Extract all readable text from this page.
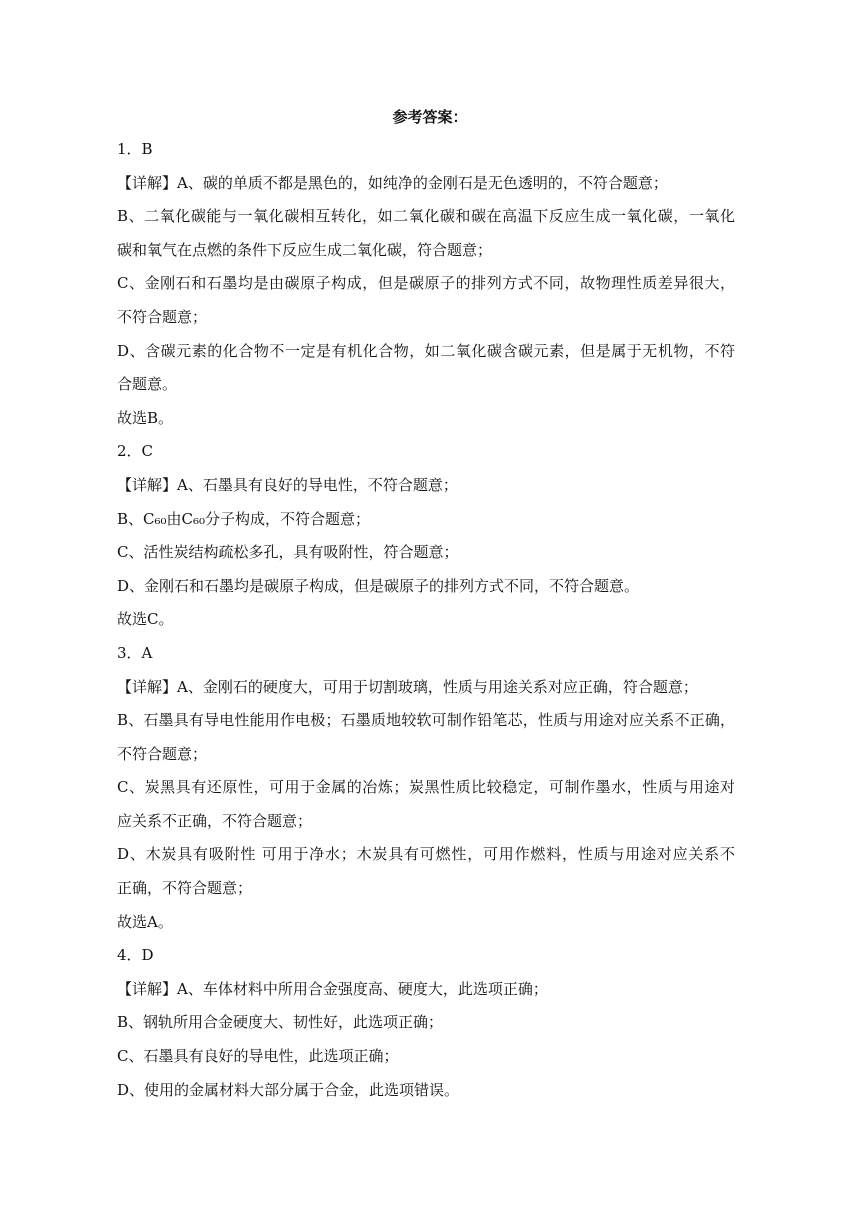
参考答案：
1．B
【详解】A、碳的单质不都是黑色的，如纯净的金刚石是无色透明的，不符合题意；
B、二氧化碳能与一氧化碳相互转化，如二氧化碳和碳在高温下反应生成一氧化碳，一氧化
碳和氧气在点燃的条件下反应生成二氧化碳，符合题意；
C、金刚石和石墨均是由碳原子构成，但是碳原子的排列方式不同，故物理性质差异很大，
不符合题意；
D、含碳元素的化合物不一定是有机化合物，如二氧化碳含碳元素，但是属于无机物，不符
合题意。
故选B。
2．C
【详解】A、石墨具有良好的导电性，不符合题意；
B、C₆₀由C₆₀分子构成，不符合题意；
C、活性炭结构疏松多孔，具有吸附性，符合题意；
D、金刚石和石墨均是碳原子构成，但是碳原子的排列方式不同，不符合题意。
故选C。
3．A
【详解】A、金刚石的硬度大，可用于切割玻璃，性质与用途关系对应正确，符合题意；
B、石墨具有导电性能用作电极；石墨质地较软可制作铅笔芯，性质与用途对应关系不正确，
不符合题意；
C、炭黑具有还原性，可用于金属的冶炼；炭黑性质比较稳定，可制作墨水，性质与用途对
应关系不正确，不符合题意；
D、木炭具有吸附性 可用于净水；木炭具有可燃性，可用作燃料，性质与用途对应关系不
正确，不符合题意；
故选A。
4．D
【详解】A、车体材料中所用合金强度高、硬度大，此选项正确；
B、钢轨所用合金硬度大、韧性好，此选项正确；
C、石墨具有良好的导电性，此选项正确；
D、使用的金属材料大部分属于合金，此选项错误。
